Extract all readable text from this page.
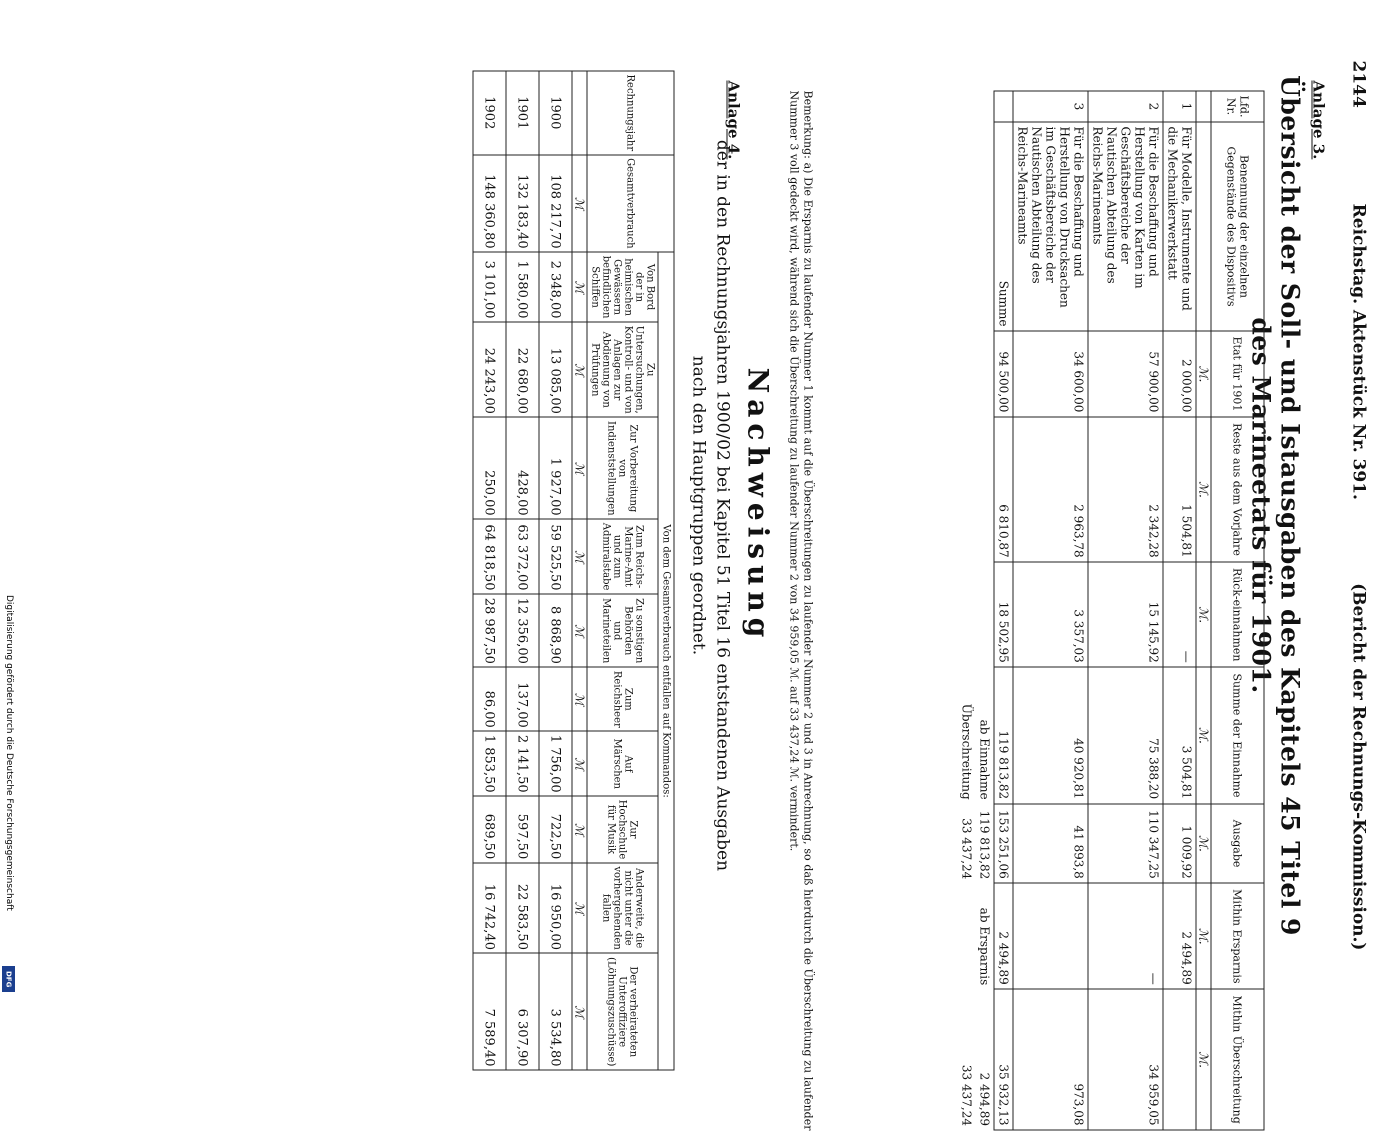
2144
Reichstag. Aktenstück Nr. 391.
(Bericht der Rechnungs-Kommission.)
Anlage 3.
Übersicht der Soll- und Istausgaben des Kapitels 45 Titel 9 des Marineetats für 1901.
Lfd. Nr.	Benennung der einzelnen Gegenstände des Dispositivs	Etat für 1901	Reste aus dem Vorjahre	Rück-einnahmen	Summe der Einnahme	Ausgabe	Mithin Ersparnis	Mithin Überschreitung
		ℳ.	ℳ.	ℳ.	ℳ.	ℳ.	ℳ.	ℳ.
1	Für Modelle, Instrumente und die Mechanikerwerkstatt	2 000,00	1 504,81	—	3 504,81	1 009,92	2 494,89	
2	Für die Beschaffung und Herstellung von Karten im Geschäftsbereiche der Nautischen Abteilung des Reichs-Marineamts	57 900,00	2 342,28	15 145,92	75 388,20	110 347,25	—	34 959,05
3	Für die Beschaffung und Herstellung von Drucksachen im Geschäftsbereiche der Nautischen Abteilung des Reichs-Marineamts	34 600,00	2 963,78	3 357,03	40 920,81	41 893,8		973,08
	Summe	94 500,00	6 810,87	18 502,95	119 813,82	153 251,06	2 494,89	35 932,13
					ab Einnahme	119 813,82	ab Ersparnis	2 494,89
					Überschreitung	33 437,24		33 437,24
Bemerkung: a) Die Ersparnis zu laufender Nummer 1 kommt auf die Überschreitungen zu laufender Nummer 2 und 3 in Anrechnung, so daß hierdurch die Überschreitung zu laufender Nummer 3 voll gedeckt wird, während sich die Überschreitung zu laufender Nummer 2 von 34 959,05 ℳ. auf 33 437,24 ℳ. vermindert.
Anlage 4.
Nachweisung
der in den Rechnungsjahren 1900/02 bei Kapitel 51 Titel 16 entstandenen Ausgaben nach den Hauptgruppen geordnet.
Rechnungsjahr	Gesamtverbrauch	Von dem Gesamtverbrauch entfallen auf Kommandos:									
		Von Bord der in heimischen Gewässern befindlichen Schiffen	Zu Untersuchungen, Kontroll- und von Anlagen zur Abdienung von Prüfungen	Zur Vorbereitung von Indienststellungen	Zum Reichs-Marine-Amt und zum Admiralstabe	Zu sonstigen Behörden und Marineteilen	Zum Reichsheer	Auf Märschen	Zur Hochschule für Musik	Anderweite, die nicht unter die vorhergehenden fallen	Der verheirateten Unteroffiziere (Löhnungszuschüsse)
	ℳ	ℳ	ℳ	ℳ	ℳ	ℳ	ℳ	ℳ	ℳ	ℳ	ℳ
1900	108 217,70	2 348,00	13 085,00	1 927,00	59 525,50	8 868,90		1 756,00	722,50	16 950,00	3 534,80
1901	132 183,40	1 580,00	22 680,00	428,00	63 372,00	12 356,00	137,00	2 141,50	597,50	22 583,50	6 307,90
1902	148 360,80	3 101,00	24 243,00	250,00	64 818,50	28 987,50	86,00	1 853,50	689,50	16 742,40	7 589,40
Digitalisierung gefördert durch die Deutsche Forschungsgemeinschaft
DFG
